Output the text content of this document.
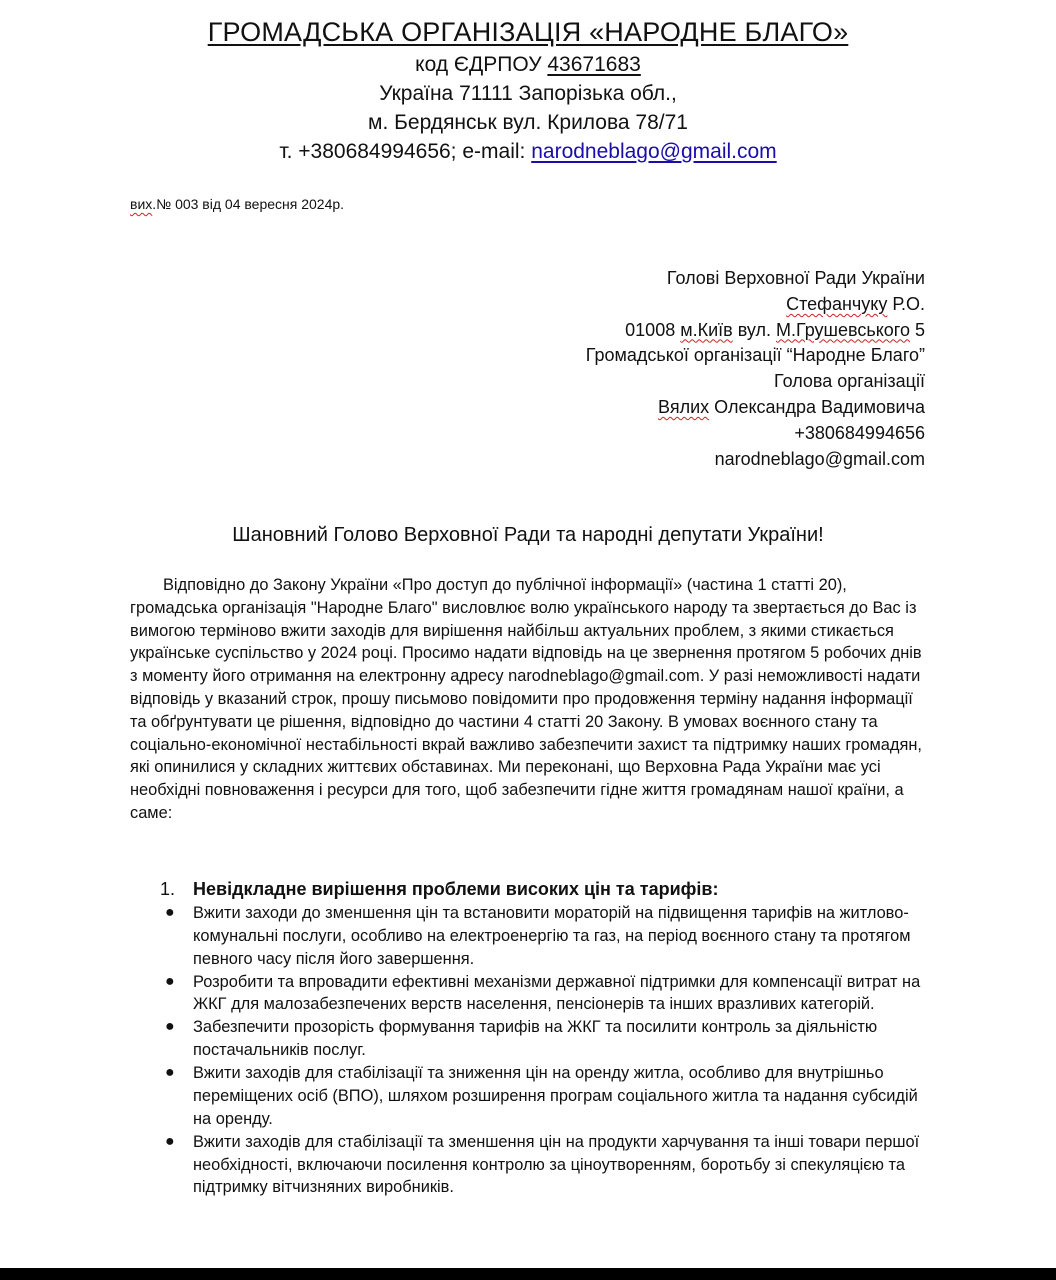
ГРОМАДСЬКА ОРГАНІЗАЦІЯ «НАРОДНЕ БЛАГО»
код ЄДРПОУ 43671683
Україна 71111 Запорізька обл.,
м. Бердянськ вул. Крилова 78/71
т. +380684994656; e-mail: narodneblago@gmail.com
вих.№ 003 від 04 вересня 2024р.
Голові Верховної Ради України
Стефанчуку Р.О.
01008 м.Київ вул. М.Грушевського 5
Громадської організації “Народне Благо”
Голова організації
Вялих Олександра Вадимовича
+380684994656
narodneblago@gmail.com
Шановний Голово Верховної Ради та народні депутати України!

Відповідно до Закону України «Про доступ до публічної інформації» (частина 1 статті 20), громадська організація "Народне Благо" висловлює волю українського народу та звертається до Вас із вимогою терміново вжити заходів для вирішення найбільш актуальних проблем, з якими стикається українське суспільство у 2024 році. Просимо надати відповідь на це звернення протягом 5 робочих днів з моменту його отримання на електронну адресу narodneblago@gmail.com. У разі неможливості надати відповідь у вказаний строк, прошу письмово повідомити про продовження терміну надання інформації та обґрунтувати це рішення, відповідно до частини 4 статті 20 Закону. В умовах воєнного стану та соціально-економічної нестабільності вкрай важливо забезпечити захист та підтримку наших громадян, які опинилися у складних життєвих обставинах. Ми переконані, що Верховна Рада України має усі необхідні повноваження і ресурси для того, щоб забезпечити гідне життя громадянам нашої країни, а саме:

1. Невідкладне вирішення проблеми високих цін та тарифів:
● Вжити заходи до зменшення цін та встановити мораторій на підвищення тарифів на житлово-комунальні послуги, особливо на електроенергію та газ, на період воєнного стану та протягом певного часу після його завершення.
● Розробити та впровадити ефективні механізми державної підтримки для компенсації витрат на ЖКГ для малозабезпечених верств населення, пенсіонерів та інших вразливих категорій.
● Забезпечити прозорість формування тарифів на ЖКГ та посилити контроль за діяльністю постачальників послуг.
● Вжити заходів для стабілізації та зниження цін на оренду житла, особливо для внутрішньо переміщених осіб (ВПО), шляхом розширення програм соціального житла та надання субсидій на оренду.
● Вжити заходів для стабілізації та зменшення цін на продукти харчування та інші товари першої необхідності, включаючи посилення контролю за ціноутворенням, боротьбу зі спекуляцією та підтримку вітчизняних виробників.
